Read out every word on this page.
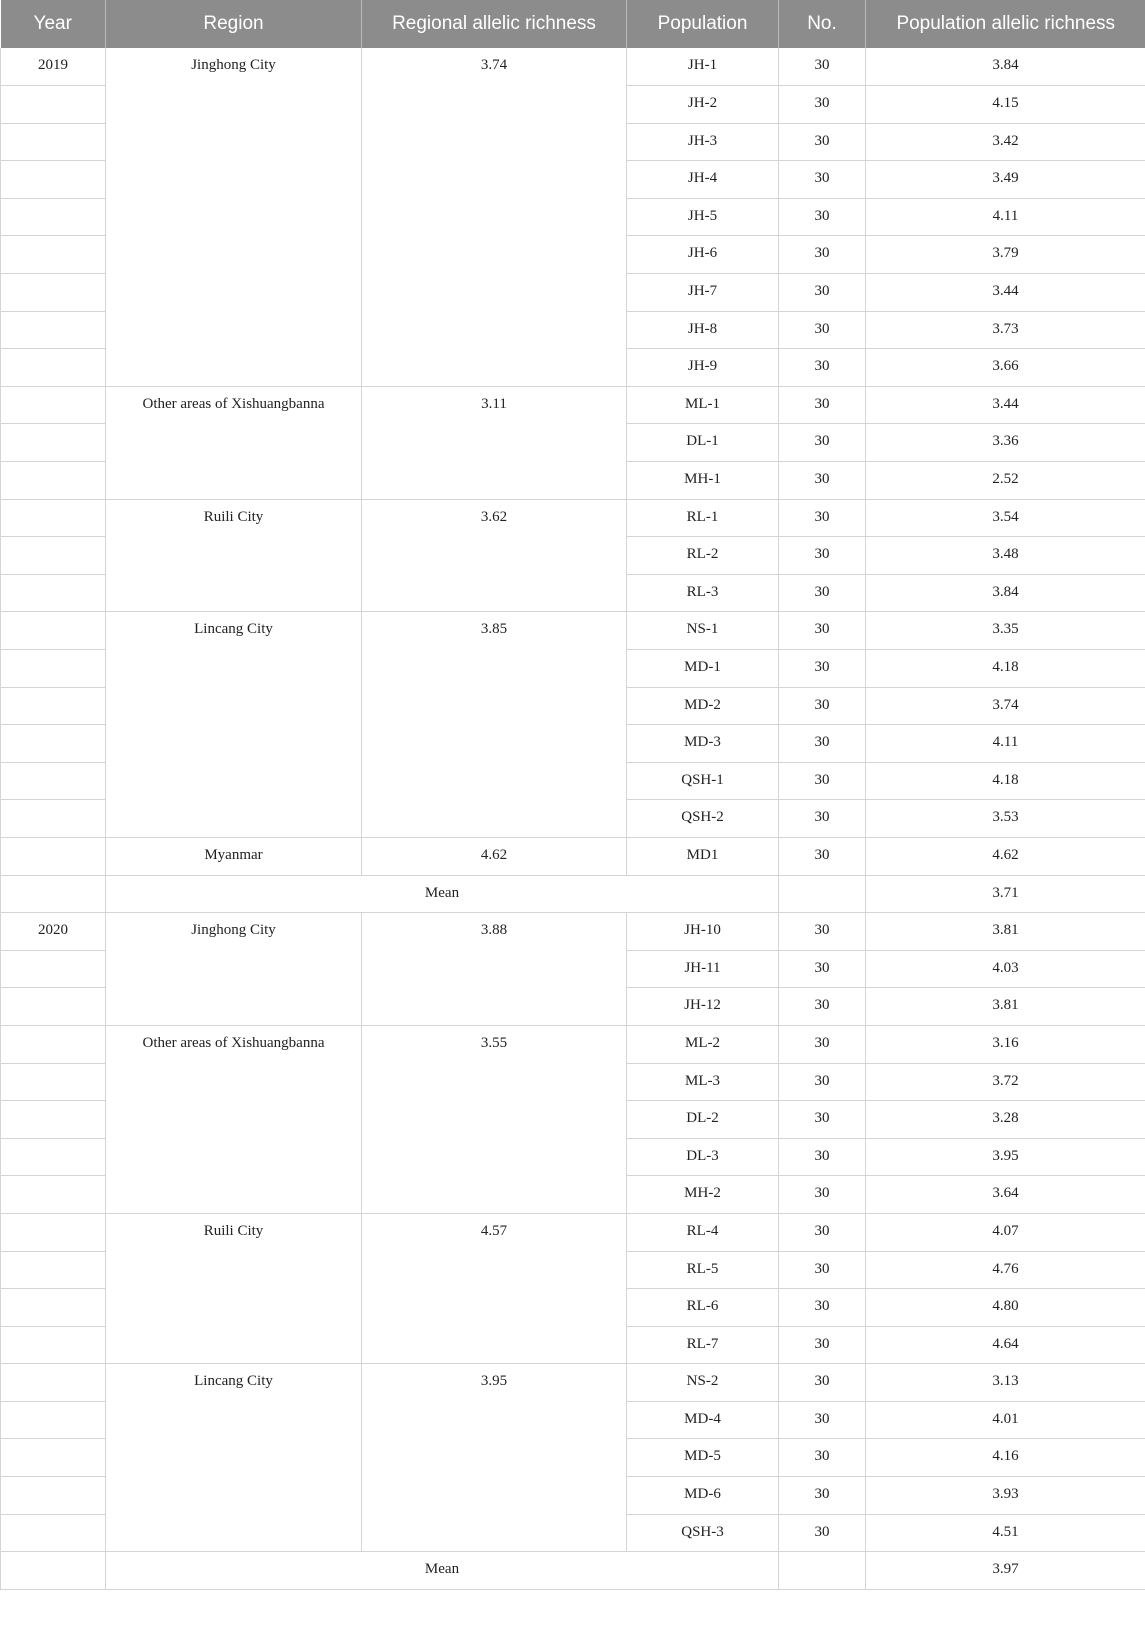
Year	Region	Regional allelic richness	Population	No.	Population allelic richness
2019	Jinghong City	3.74	JH-1	30	3.84
			JH-2	30	4.15
			JH-3	30	3.42
			JH-4	30	3.49
			JH-5	30	4.11
			JH-6	30	3.79
			JH-7	30	3.44
			JH-8	30	3.73
			JH-9	30	3.66
	Other areas of Xishuangbanna	3.11	ML-1	30	3.44
			DL-1	30	3.36
			MH-1	30	2.52
	Ruili City	3.62	RL-1	30	3.54
			RL-2	30	3.48
			RL-3	30	3.84
	Lincang City	3.85	NS-1	30	3.35
			MD-1	30	4.18
			MD-2	30	3.74
			MD-3	30	4.11
			QSH-1	30	4.18
			QSH-2	30	3.53
	Myanmar	4.62	MD1	30	4.62
	Mean				3.71
2020	Jinghong City	3.88	JH-10	30	3.81
			JH-11	30	4.03
			JH-12	30	3.81
	Other areas of Xishuangbanna	3.55	ML-2	30	3.16
			ML-3	30	3.72
			DL-2	30	3.28
			DL-3	30	3.95
			MH-2	30	3.64
	Ruili City	4.57	RL-4	30	4.07
			RL-5	30	4.76
			RL-6	30	4.80
			RL-7	30	4.64
	Lincang City	3.95	NS-2	30	3.13
			MD-4	30	4.01
			MD-5	30	4.16
			MD-6	30	3.93
			QSH-3	30	4.51
	Mean				3.97
